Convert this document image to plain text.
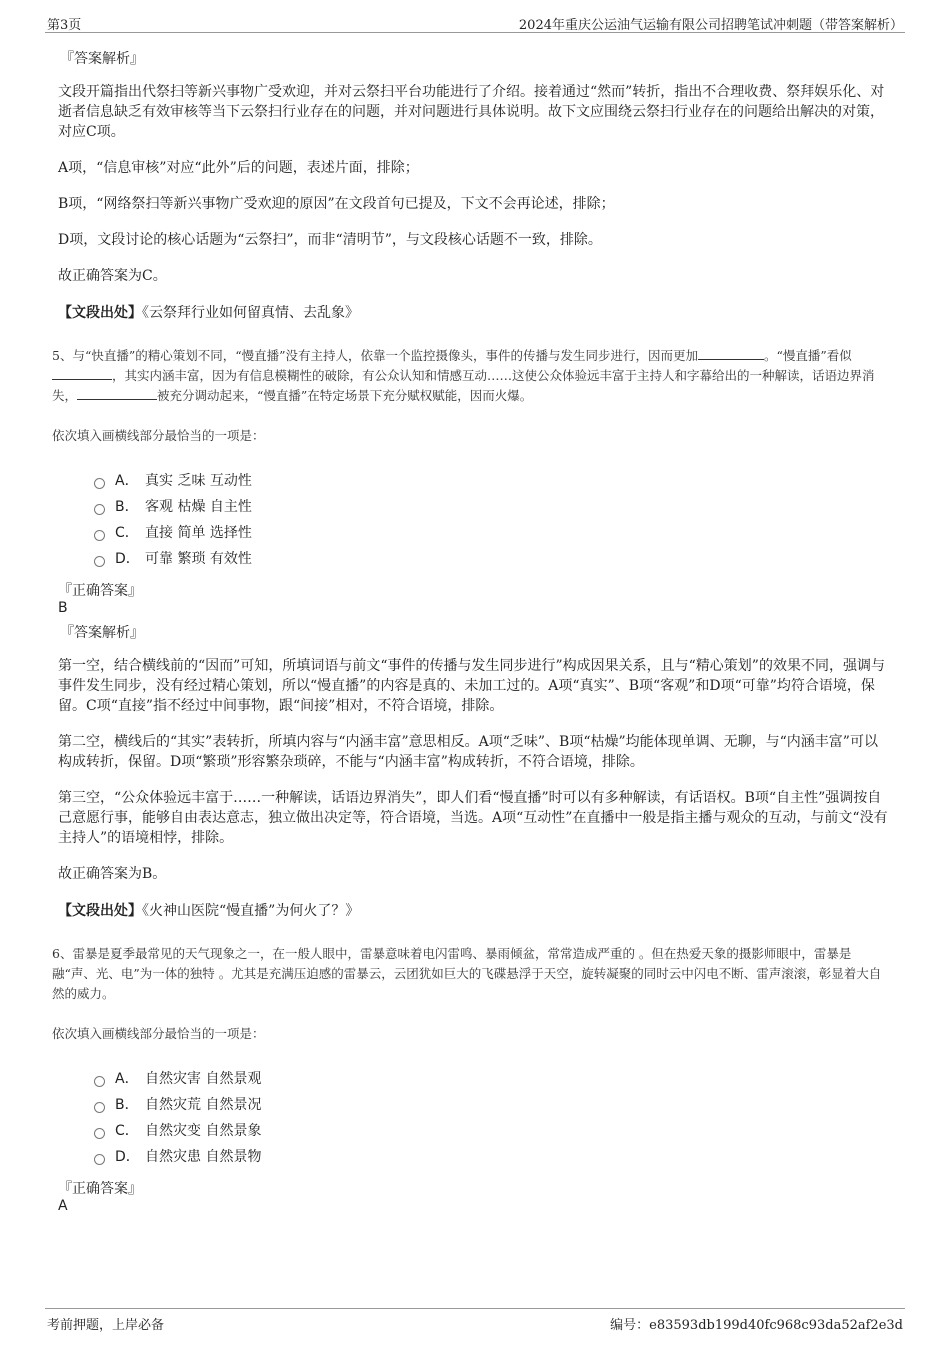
第3页	2024年重庆公运油气运输有限公司招聘笔试冲刺题（带答案解析）
『答案解析』

文段开篇指出代祭扫等新兴事物广受欢迎，并对云祭扫平台功能进行了介绍。接着通过“然而”转折，指出不合理收费、祭拜娱乐化、对逝者信息缺乏有效审核等当下云祭扫行业存在的问题，并对问题进行具体说明。故下文应围绕云祭扫行业存在的问题给出解决的对策，对应C项。

A项，“信息审核”对应“此外”后的问题，表述片面，排除；

B项，“网络祭扫等新兴事物广受欢迎的原因”在文段首句已提及，下文不会再论述，排除；

D项，文段讨论的核心话题为“云祭扫”，而非“清明节”，与文段核心话题不一致，排除。

故正确答案为C。

【文段出处】《云祭拜行业如何留真情、去乱象》

5、与“快直播”的精心策划不同，“慢直播”没有主持人，依靠一个监控摄像头，事件的传播与发生同步进行，因而更加	。“慢直播”看似，其实内涵丰富，因为有信息模糊性的破除，有公众认知和情感互动……这使公众体验远丰富于主持人和字幕给出的一种解读，话语边界消失，	被充分调动起来，“慢直播”在特定场景下充分赋权赋能，因而火爆。

依次填入画横线部分最恰当的一项是：

A． 真实 乏味 互动性
B． 客观 枯燥 自主性
C． 直接 简单 选择性
D． 可靠 繁琐 有效性

『正确答案』

B

『答案解析』

第一空，结合横线前的“因而”可知，所填词语与前文“事件的传播与发生同步进行”构成因果关系，且与“精心策划”的效果不同，强调与事件发生同步，没有经过精心策划，所以“慢直播”的内容是真的、未加工过的。A项“真实”、B项“客观”和D项“可靠”均符合语境，保留。C项“直接”指不经过中间事物，跟“间接”相对，不符合语境，排除。

第二空，横线后的“其实”表转折，所填内容与“内涵丰富”意思相反。A项“乏味”、B项“枯燥”均能体现单调、无聊，与“内涵丰富”可以构成转折，保留。D项“繁琐”形容繁杂琐碎，不能与“内涵丰富”构成转折，不符合语境，排除。

第三空，“公众体验远丰富于……一种解读，话语边界消失”，即人们看“慢直播”时可以有多种解读，有话语权。B项“自主性”强调按自己意愿行事，能够自由表达意志，独立做出决定等，符合语境，当选。A项“互动性”在直播中一般是指主播与观众的互动，与前文“没有主持人”的语境相悖，排除。

故正确答案为B。

【文段出处】《火神山医院“慢直播”为何火了？》

6、雷暴是夏季最常见的天气现象之一，在一般人眼中，雷暴意味着电闪雷鸣、暴雨倾盆，常常造成严重的 。但在热爱天象的摄影师眼中，雷暴是融“声、光、电”为一体的独特 。尤其是充满压迫感的雷暴云，云团犹如巨大的飞碟悬浮于天空，旋转凝聚的同时云中闪电不断、雷声滚滚，彰显着大自然的威力。

依次填入画横线部分最恰当的一项是：

A． 自然灾害 自然景观
B． 自然灾荒 自然景况
C． 自然灾变 自然景象
D． 自然灾患 自然景物

『正确答案』

A

考前押题，上岸必备	编号：e83593db199d40fc968c93da52af2e3d
